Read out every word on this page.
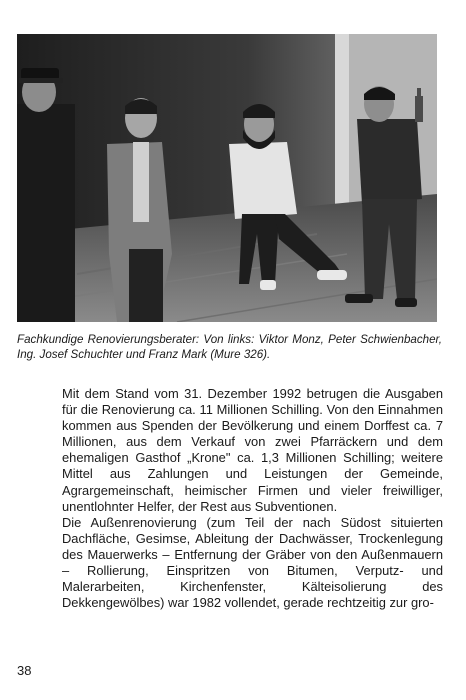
Fachkundige Renovierungsberater: Von links: Viktor Monz, Peter Schwienbacher, Ing. Josef Schuchter und Franz Mark (Mure 326).

Mit dem Stand vom 31. Dezember 1992 betrugen die Ausgaben für die Renovierung ca. 11 Millionen Schilling. Von den Einnahmen kommen aus Spenden der Bevölkerung und einem Dorffest ca. 7 Millionen, aus dem Verkauf von zwei Pfarräckern und dem ehemaligen Gasthof „Krone" ca. 1,3 Millionen Schilling; weitere Mittel aus Zahlungen und Leistungen der Gemeinde, Agrargemeinschaft, heimischer Firmen und vieler freiwilliger, unentlohnter Helfer, der Rest aus Subventionen.

Die Außenrenovierung (zum Teil der nach Südost situierten Dachfläche, Gesimse, Ableitung der Dachwässer, Trockenlegung des Mauerwerks – Entfernung der Gräber von den Außenmauern – Rollierung, Einspritzen von Bitumen, Verputz- und Malerarbeiten, Kirchenfenster, Kälteisolierung des Dekkengewölbes) war 1982 vollendet, gerade rechtzeitig zur gro-

38
